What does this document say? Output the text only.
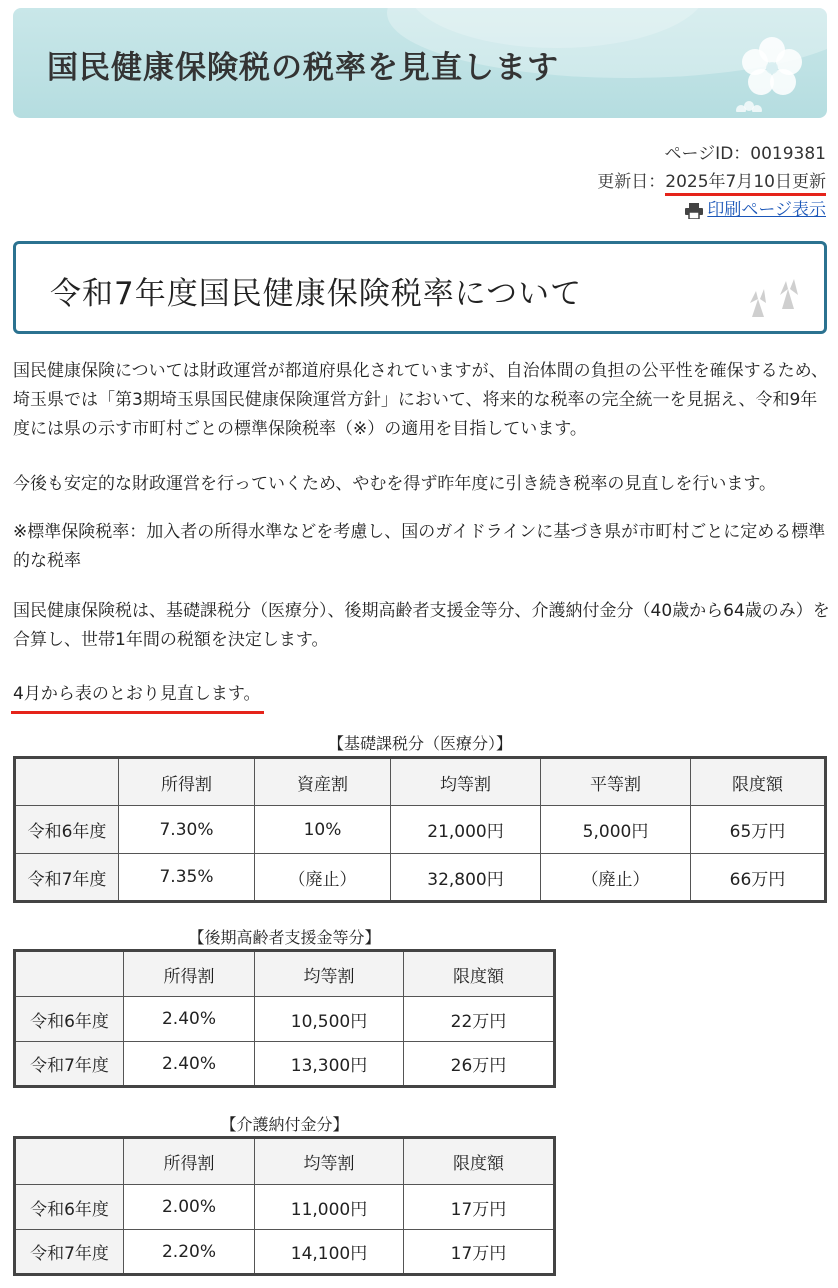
国民健康保険税の税率を見直します
ページID：0019381
更新日：2025年7月10日更新
印刷ページ表示
令和7年度国民健康保険税率について

国民健康保険については財政運営が都道府県化されていますが、自治体間の負担の公平性を確保するため、埼玉県では「第3期埼玉県国民健康保険運営方針」において、将来的な税率の完全統一を見据え、令和9年度には県の示す市町村ごとの標準保険税率（※）の適用を目指しています。

今後も安定的な財政運営を行っていくため、やむを得ず昨年度に引き続き税率の見直しを行います。

※標準保険税率：加入者の所得水準などを考慮し、国のガイドラインに基づき県が市町村ごとに定める標準的な税率

国民健康保険税は、基礎課税分（医療分）、後期高齢者支援金等分、介護納付金分（40歳から64歳のみ）を合算し、世帯1年間の税額を決定します。

4月から表のとおり見直します。

【基礎課税分（医療分）】
	所得割	資産割	均等割	平等割	限度額
令和6年度	7.30%	10%	21,000円	5,000円	65万円
令和7年度	7.35%	（廃止）	32,800円	（廃止）	66万円
【後期高齢者支援金等分】
	所得割	均等割	限度額
令和6年度	2.40%	10,500円	22万円
令和7年度	2.40%	13,300円	26万円
【介護納付金分】
	所得割	均等割	限度額
令和6年度	2.00%	11,000円	17万円
令和7年度	2.20%	14,100円	17万円
